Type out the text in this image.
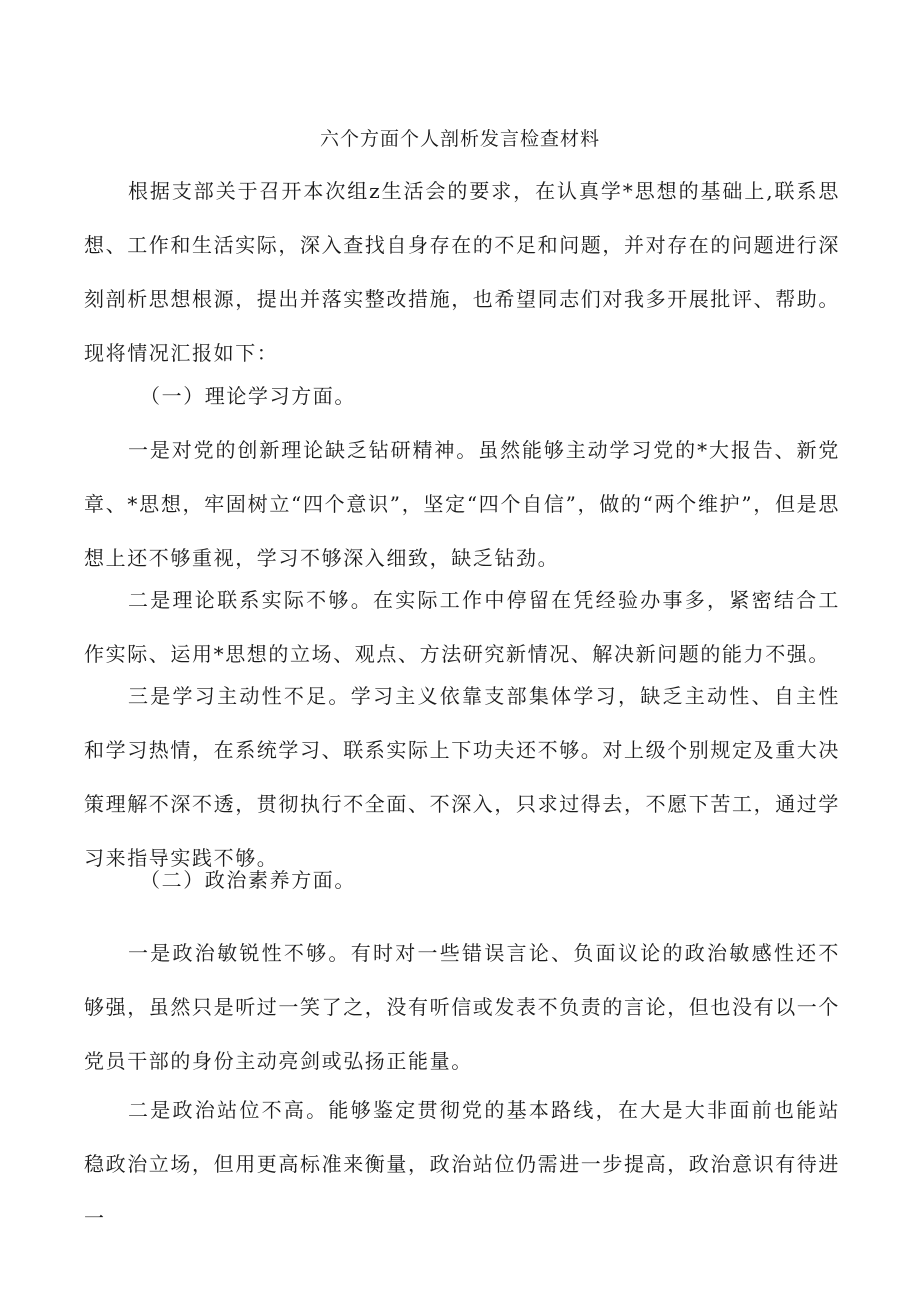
六个方面个人剖析发言检查材料

根据支部关于召开本次组z生活会的要求，在认真学*思想的基础上,联系思想、工作和生活实际，深入查找自身存在的不足和问题，并对存在的问题进行深刻剖析思想根源，提出并落实整改措施，也希望同志们对我多开展批评、帮助。现将情况汇报如下：

（一）理论学习方面。

一是对党的创新理论缺乏钻研精神。虽然能够主动学习党的*大报告、新党章、*思想，牢固树立“四个意识”，坚定“四个自信”，做的“两个维护”，但是思想上还不够重视，学习不够深入细致，缺乏钻劲。

二是理论联系实际不够。在实际工作中停留在凭经验办事多，紧密结合工作实际、运用*思想的立场、观点、方法研究新情况、解决新问题的能力不强。

三是学习主动性不足。学习主义依靠支部集体学习，缺乏主动性、自主性和学习热情，在系统学习、联系实际上下功夫还不够。对上级个别规定及重大决策理解不深不透，贯彻执行不全面、不深入，只求过得去，不愿下苦工，通过学习来指导实践不够。

（二）政治素养方面。

一是政治敏锐性不够。有时对一些错误言论、负面议论的政治敏感性还不够强，虽然只是听过一笑了之，没有听信或发表不负责的言论，但也没有以一个党员干部的身份主动亮剑或弘扬正能量。

二是政治站位不高。能够鉴定贯彻党的基本路线，在大是大非面前也能站稳政治立场，但用更高标准来衡量，政治站位仍需进一步提高，政治意识有待进一
